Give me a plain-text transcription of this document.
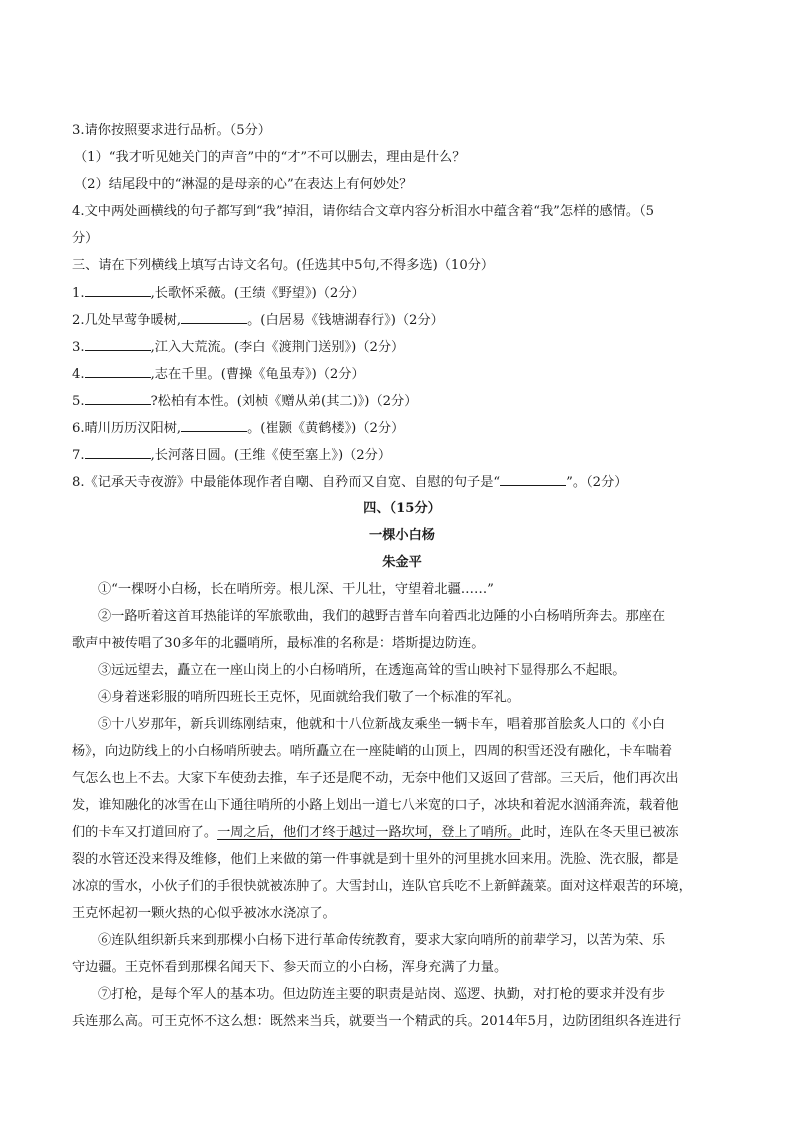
3.请你按照要求进行品析。（5分）
（1）“我才听见她关门的声音”中的“才”不可以删去，理由是什么？
（2）结尾段中的“淋湿的是母亲的心”在表达上有何妙处？
4.文中两处画横线的句子都写到“我”掉泪，请你结合文章内容分析泪水中蕴含着“我”怎样的感情。（5
分）
三、请在下列横线上填写古诗文名句。(任选其中5句,不得多选)（10分）
1.	,长歌怀采薇。(王绩《野望》)（2分）
2.几处早莺争暖树,	。(白居易《钱塘湖春行》)（2分）
3.	,江入大荒流。(李白《渡荆门送别》)（2分）
4.	,志在千里。(曹操《龟虽寿》)（2分）
5.	?松柏有本性。(刘桢《赠从弟(其二)》)（2分）
6.晴川历历汉阳树,	。(崔颢《黄鹤楼》)（2分）
7.	,长河落日圆。(王维《使至塞上》)（2分）
8.《记承天寺夜游》中最能体现作者自嘲、自矜而又自宽、自慰的句子是“	”。（2分）
四、（15分）
一棵小白杨
朱金平
①“一棵呀小白杨，长在哨所旁。根儿深、干儿壮，守望着北疆……”
②一路听着这首耳热能详的军旅歌曲，我们的越野吉普车向着西北边陲的小白杨哨所奔去。那座在
歌声中被传唱了30多年的北疆哨所，最标准的名称是：塔斯提边防连。
③远远望去，矗立在一座山岗上的小白杨哨所，在透迤高耸的雪山映衬下显得那么不起眼。
④身着迷彩服的哨所四班长王克怀，见面就给我们敬了一个标准的军礼。
⑤十八岁那年，新兵训练刚结束，他就和十八位新战友乘坐一辆卡车，唱着那首脍炙人口的《小白
杨》，向边防线上的小白杨哨所驶去。哨所矗立在一座陡峭的山顶上，四周的积雪还没有融化，卡车喘着
气怎么也上不去。大家下车使劲去推，车子还是爬不动，无奈中他们又返回了营部。三天后，他们再次出
发，谁知融化的冰雪在山下通往哨所的小路上划出一道七八米宽的口子，冰块和着泥水汹涌奔流，载着他
们的卡车又打道回府了。一周之后，他们才终于越过一路坎坷，登上了哨所。此时，连队在冬天里已被冻
裂的水管还没来得及维修，他们上来做的第一件事就是到十里外的河里挑水回来用。洗脸、洗衣服，都是
冰凉的雪水，小伙子们的手很快就被冻肿了。大雪封山，连队官兵吃不上新鲜蔬菜。面对这样艰苦的环境，
王克怀起初一颗火热的心似乎被冰水浇凉了。
⑥连队组织新兵来到那棵小白杨下进行革命传统教育，要求大家向哨所的前辈学习，以苦为荣、乐
守边疆。王克怀看到那棵名闻天下、参天而立的小白杨，浑身充满了力量。
⑦打枪，是每个军人的基本功。但边防连主要的职责是站岗、巡逻、执勤，对打枪的要求并没有步
兵连那么高。可王克怀不这么想：既然来当兵，就要当一个精武的兵。2014年5月，边防团组织各连进行
